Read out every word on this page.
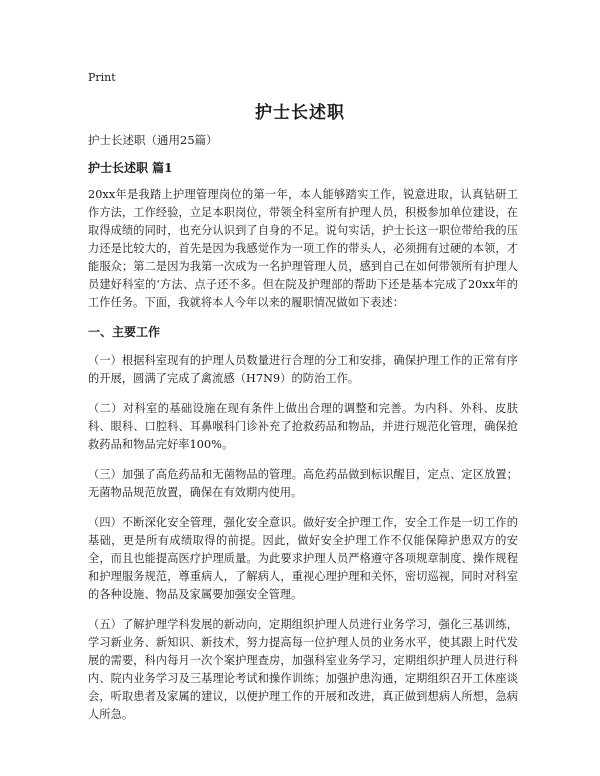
Print
护士长述职
护士长述职（通用25篇）
护士长述职 篇1
20xx年是我踏上护理管理岗位的第一年，本人能够踏实工作，锐意进取，认真钻研工作方法，工作经验，立足本职岗位，带领全科室所有护理人员，积极参加单位建设，在取得成绩的同时，也充分认识到了自身的不足。说句实话，护士长这一职位带给我的压力还是比较大的，首先是因为我感觉作为一项工作的带头人，必须拥有过硬的本领，才能服众；第二是因为我第一次成为一名护理管理人员，感到自己在如何带领所有护理人员建好科室的‘方法、点子还不多。但在院及护理部的帮助下还是基本完成了20xx年的工作任务。下面，我就将本人今年以来的履职情况做如下表述：
一、主要工作
（一）根据科室现有的护理人员数量进行合理的分工和安排，确保护理工作的正常有序的开展，圆满了完成了禽流感（H7N9）的防治工作。
（二）对科室的基础设施在现有条件上做出合理的调整和完善。为内科、外科、皮肤科、眼科、口腔科、耳鼻喉科门诊补充了抢救药品和物品，并进行规范化管理，确保抢救药品和物品完好率100%。
（三）加强了高危药品和无菌物品的管理。高危药品做到标识醒目，定点、定区放置；无菌物品规范放置，确保在有效期内使用。
（四）不断深化安全管理，强化安全意识。做好安全护理工作，安全工作是一切工作的基础，更是所有成绩取得的前提。因此，做好安全护理工作不仅能保障护患双方的安全，而且也能提高医疗护理质量。为此要求护理人员严格遵守各项规章制度、操作规程和护理服务规范，尊重病人，了解病人，重视心理护理和关怀，密切巡视，同时对科室的各种设施、物品及家属要加强安全管理。
（五）了解护理学科发展的新动向，定期组织护理人员进行业务学习，强化三基训练，学习新业务、新知识、新技术，努力提高每一位护理人员的业务水平，使其跟上时代发展的需要，科内每月一次个案护理查房，加强科室业务学习，定期组织护理人员进行科内、院内业务学习及三基理论考试和操作训练；加强护患沟通，定期组织召开工休座谈会，听取患者及家属的建议，以便护理工作的开展和改进，真正做到想病人所想，急病人所急。
